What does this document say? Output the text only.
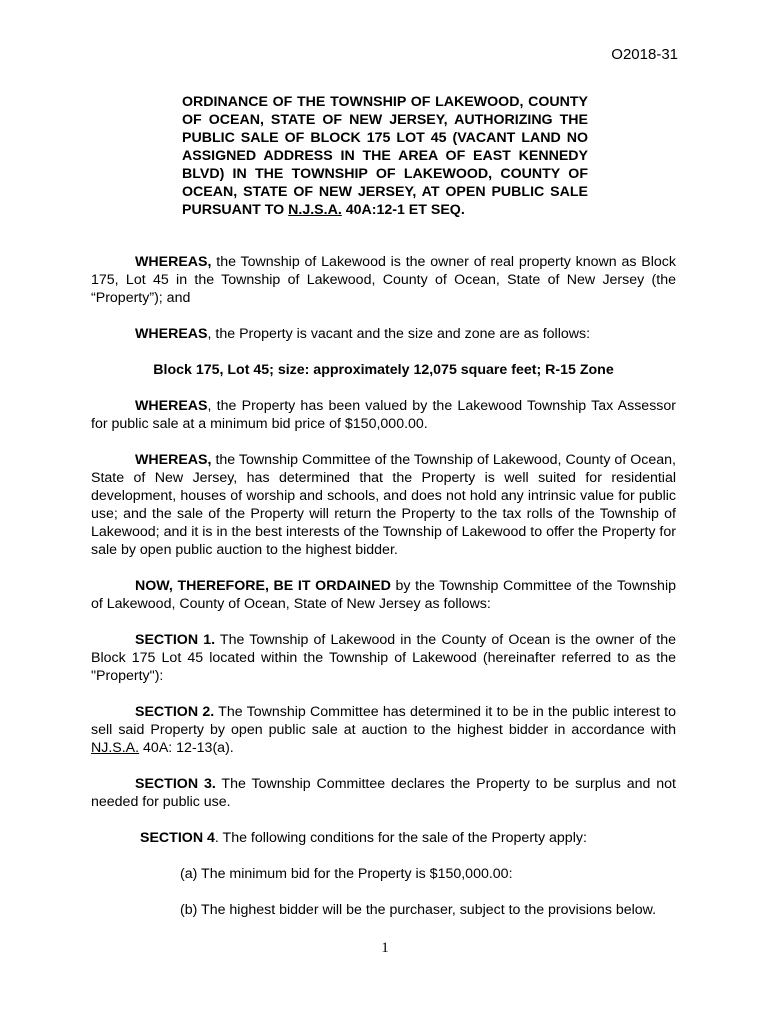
O2018-31
ORDINANCE OF THE TOWNSHIP OF LAKEWOOD, COUNTY OF OCEAN, STATE OF NEW JERSEY, AUTHORIZING THE PUBLIC SALE OF BLOCK 175 LOT 45 (VACANT LAND NO ASSIGNED ADDRESS IN THE AREA OF EAST KENNEDY BLVD) IN THE TOWNSHIP OF LAKEWOOD, COUNTY OF OCEAN, STATE OF NEW JERSEY, AT OPEN PUBLIC SALE PURSUANT TO N.J.S.A. 40A:12-1 ET SEQ.

WHEREAS, the Township of Lakewood is the owner of real property known as Block 175, Lot 45 in the Township of Lakewood, County of Ocean, State of New Jersey (the “Property”); and

WHEREAS, the Property is vacant and the size and zone are as follows:

Block 175, Lot 45; size: approximately 12,075 square feet; R-15 Zone

WHEREAS, the Property has been valued by the Lakewood Township Tax Assessor for public sale at a minimum bid price of $150,000.00.

WHEREAS, the Township Committee of the Township of Lakewood, County of Ocean, State of New Jersey, has determined that the Property is well suited for residential development, houses of worship and schools, and does not hold any intrinsic value for public use; and the sale of the Property will return the Property to the tax rolls of the Township of Lakewood; and it is in the best interests of the Township of Lakewood to offer the Property for sale by open public auction to the highest bidder.

NOW, THEREFORE, BE IT ORDAINED by the Township Committee of the Township of Lakewood, County of Ocean, State of New Jersey as follows:

SECTION 1. The Township of Lakewood in the County of Ocean is the owner of the Block 175 Lot 45 located within the Township of Lakewood (hereinafter referred to as the "Property"):

SECTION 2. The Township Committee has determined it to be in the public interest to sell said Property by open public sale at auction to the highest bidder in accordance with NJ.S.A. 40A: 12-13(a).

SECTION 3. The Township Committee declares the Property to be surplus and not needed for public use.

SECTION 4. The following conditions for the sale of the Property apply:

(a) The minimum bid for the Property is $150,000.00:

(b) The highest bidder will be the purchaser, subject to the provisions below.

1
